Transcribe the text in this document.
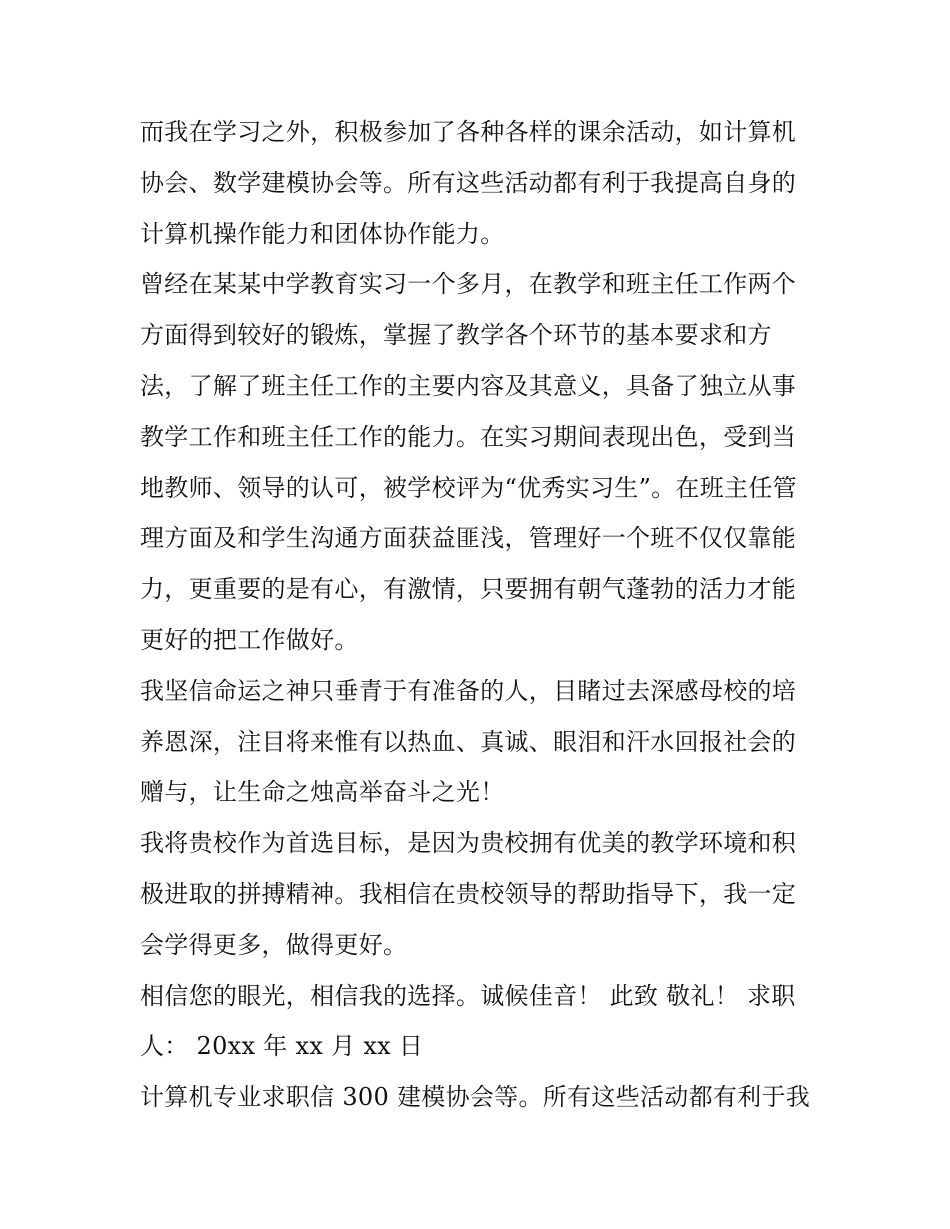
而我在学习之外，积极参加了各种各样的课余活动，如计算机
协会、数学建模协会等。所有这些活动都有利于我提高自身的
计算机操作能力和团体协作能力。
曾经在某某中学教育实习一个多月，在教学和班主任工作两个
方面得到较好的锻炼，掌握了教学各个环节的基本要求和方
法，了解了班主任工作的主要内容及其意义，具备了独立从事
教学工作和班主任工作的能力。在实习期间表现出色，受到当
地教师、领导的认可，被学校评为“优秀实习生”。在班主任管
理方面及和学生沟通方面获益匪浅，管理好一个班不仅仅靠能
力，更重要的是有心，有激情，只要拥有朝气蓬勃的活力才能
更好的把工作做好。
我坚信命运之神只垂青于有准备的人，目睹过去深感母校的培
养恩深，注目将来惟有以热血、真诚、眼泪和汗水回报社会的
赠与，让生命之烛高举奋斗之光！
我将贵校作为首选目标，是因为贵校拥有优美的教学环境和积
极进取的拼搏精神。我相信在贵校领导的帮助指导下，我一定
会学得更多，做得更好。
相信您的眼光，相信我的选择。诚候佳音！ 此致 敬礼！ 求职
人： 20xx 年 xx 月 xx 日
计算机专业求职信 300 建模协会等。所有这些活动都有利于我
